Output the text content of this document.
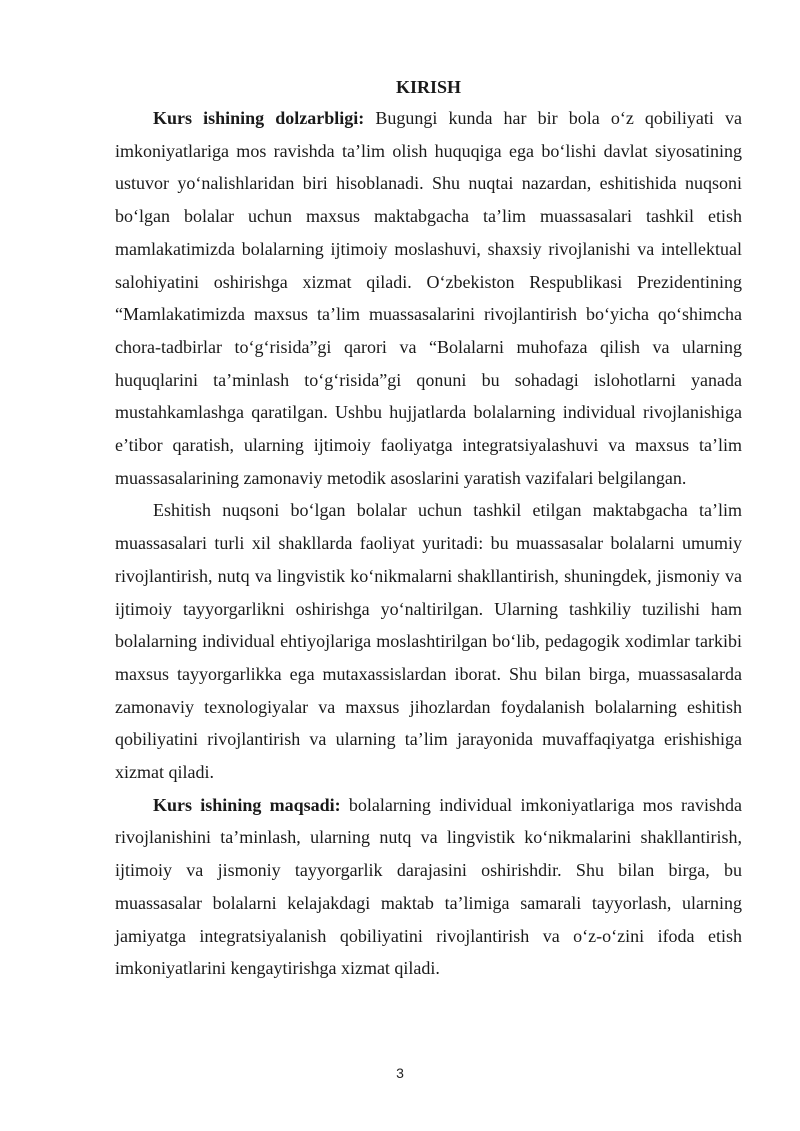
KIRISH

Kurs ishining dolzarbligi: Bugungi kunda har bir bola o‘z qobiliyati va imkoniyatlariga mos ravishda ta’lim olish huquqiga ega bo‘lishi davlat siyosatining ustuvor yo‘nalishlaridan biri hisoblanadi. Shu nuqtai nazardan, eshitishida nuqsoni bo‘lgan bolalar uchun maxsus maktabgacha ta’lim muassasalari tashkil etish mamlakatimizda bolalarning ijtimoiy moslashuvi, shaxsiy rivojlanishi va intellektual salohiyatini oshirishga xizmat qiladi. O‘zbekiston Respublikasi Prezidentining “Mamlakatimizda maxsus ta’lim muassasalarini rivojlantirish bo‘yicha qo‘shimcha chora-tadbirlar to‘g‘risida”gi qarori va “Bolalarni muhofaza qilish va ularning huquqlarini ta’minlash to‘g‘risida”gi qonuni bu sohadagi islohotlarni yanada mustahkamlashga qaratilgan. Ushbu hujjatlarda bolalarning individual rivojlanishiga e’tibor qaratish, ularning ijtimoiy faoliyatga integratsiyalashuvi va maxsus ta’lim muassasalarining zamonaviy metodik asoslarini yaratish vazifalari belgilangan.

Eshitish nuqsoni bo‘lgan bolalar uchun tashkil etilgan maktabgacha ta’lim muassasalari turli xil shakllarda faoliyat yuritadi: bu muassasalar bolalarni umumiy rivojlantirish, nutq va lingvistik ko‘nikmalarni shakllantirish, shuningdek, jismoniy va ijtimoiy tayyorgarlikni oshirishga yo‘naltirilgan. Ularning tashkiliy tuzilishi ham bolalarning individual ehtiyojlariga moslashtirilgan bo‘lib, pedagogik xodimlar tarkibi maxsus tayyorgarlikka ega mutaxassislardan iborat. Shu bilan birga, muassasalarda zamonaviy texnologiyalar va maxsus jihozlardan foydalanish bolalarning eshitish qobiliyatini rivojlantirish va ularning ta’lim jarayonida muvaffaqiyatga erishishiga xizmat qiladi.

Kurs ishining maqsadi: bolalarning individual imkoniyatlariga mos ravishda rivojlanishini ta’minlash, ularning nutq va lingvistik ko‘nikmalarini shakllantirish, ijtimoiy va jismoniy tayyorgarlik darajasini oshirishdir. Shu bilan birga, bu muassasalar bolalarni kelajakdagi maktab ta’limiga samarali tayyorlash, ularning jamiyatga integratsiyalanish qobiliyatini rivojlantirish va o‘z-o‘zini ifoda etish imkoniyatlarini kengaytirishga xizmat qiladi.

3
